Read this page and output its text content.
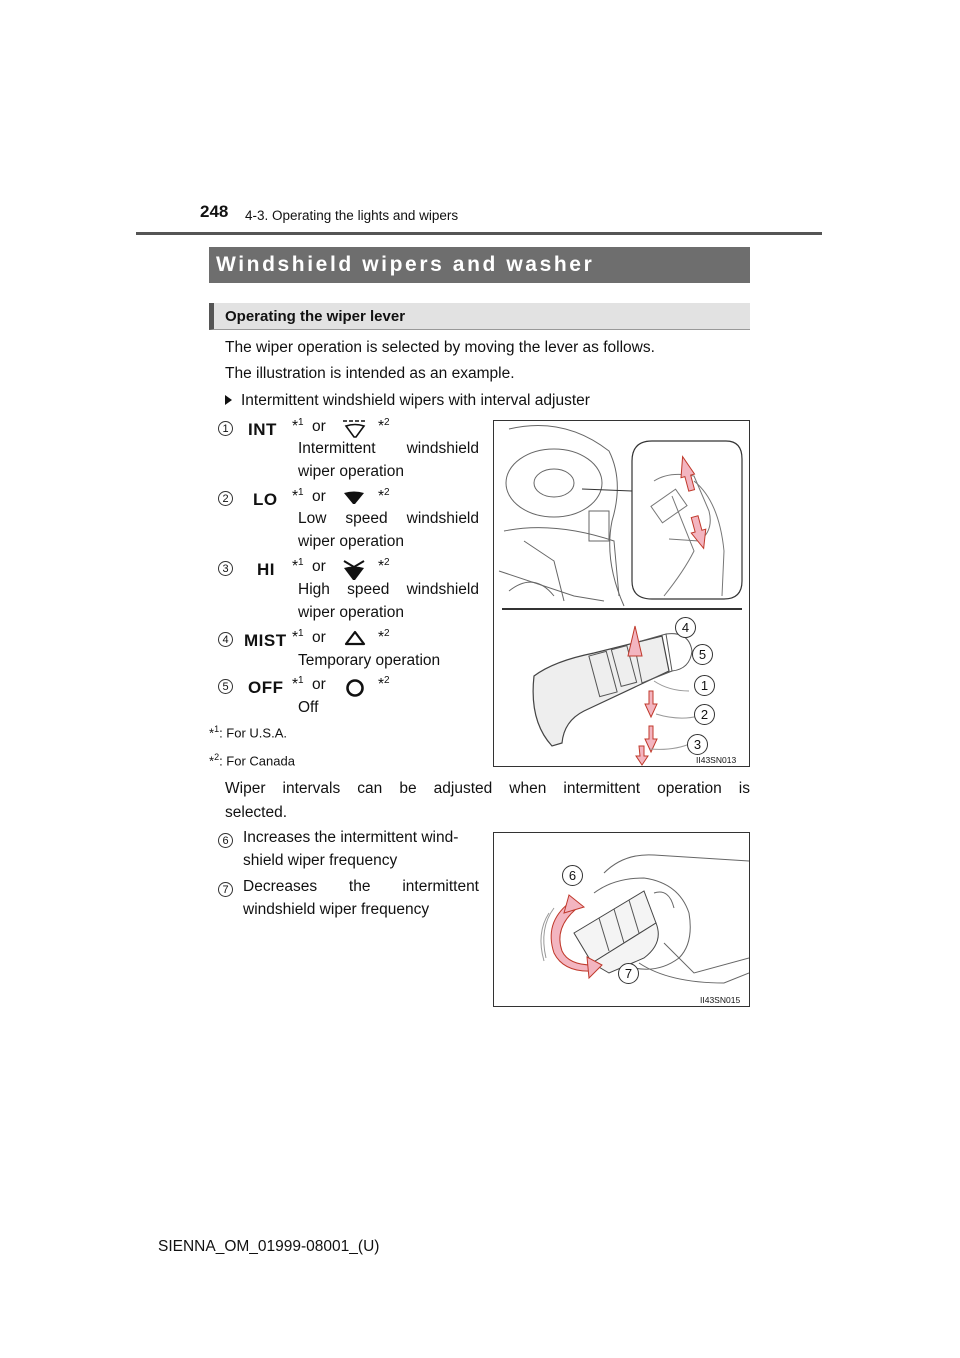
248 4-3. Operating the lights and wipers
Windshield wipers and washer
Operating the wiper lever
The wiper operation is selected by moving the lever as follows.
The illustration is intended as an example.
Intermittent windshield wipers with interval adjuster
1 INT *$^1$ or	*$^2$
Intermittent windshield
wiper operation
2 LO *$^1$ or	*$^2$
Low speed windshield
wiper operation
3 HI *$^1$ or	*$^2$
High speed windshield
wiper operation
4 MIST *$^1$ or	*$^2$
Temporary operation
5 OFF *$^1$ or	*$^2$
Off
*$^1$: For U.S.A.
*$^2$: For Canada
4
5
1
2
3
II43SN013
Wiper intervals can be adjusted when intermittent operation is
selected.
6 Increases the intermittent wind-
shield wiper frequency
7 Decreases the intermittent
windshield wiper frequency
6
7
II43SN015
SIENNA_OM_01999-08001_(U)
